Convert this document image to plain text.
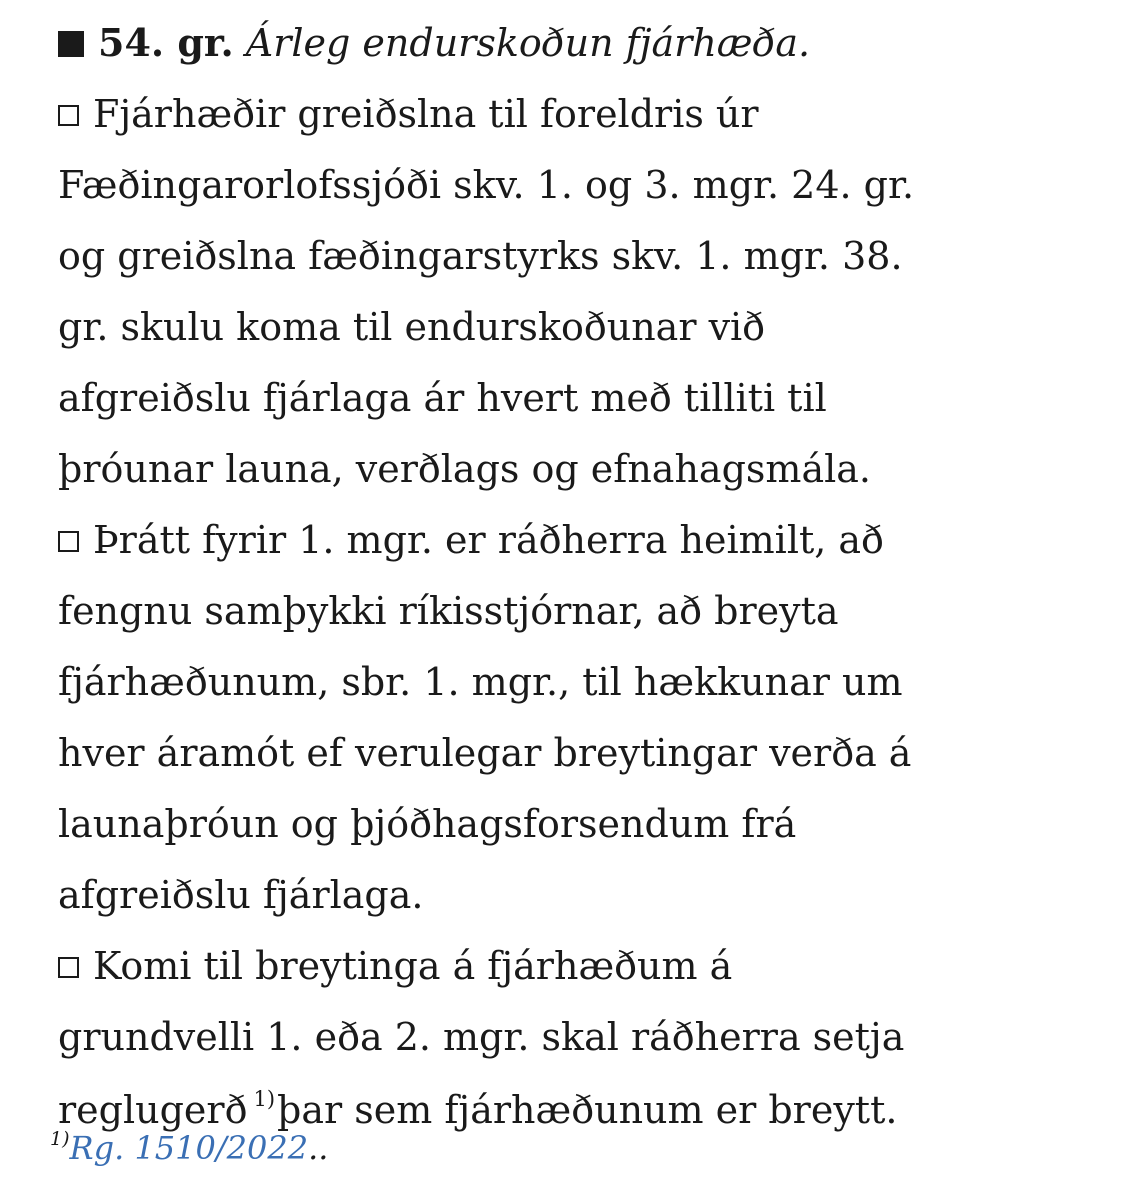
54. gr. Árleg endurskoðun fjárhæða.
Fjárhæðir greiðslna til foreldris úr
Fæðingarorlofssjóði skv. 1. og 3. mgr. 24. gr.
og greiðslna fæðingarstyrks skv. 1. mgr. 38.
gr. skulu koma til endurskoðunar við
afgreiðslu fjárlaga ár hvert með tilliti til
þróunar launa, verðlags og efnahagsmála.
Þrátt fyrir 1. mgr. er ráðherra heimilt, að
fengnu samþykki ríkisstjórnar, að breyta
fjárhæðunum, sbr. 1. mgr., til hækkunar um
hver áramót ef verulegar breytingar verða á
launaþróun og þjóðhagsforsendum frá
afgreiðslu fjárlaga.
Komi til breytinga á fjárhæðum á
grundvelli 1. eða 2. mgr. skal ráðherra setja
reglugerð $^{1)}$þar sem fjárhæðunum er breytt.
$^{1)}$Rg. 1510/2022..
